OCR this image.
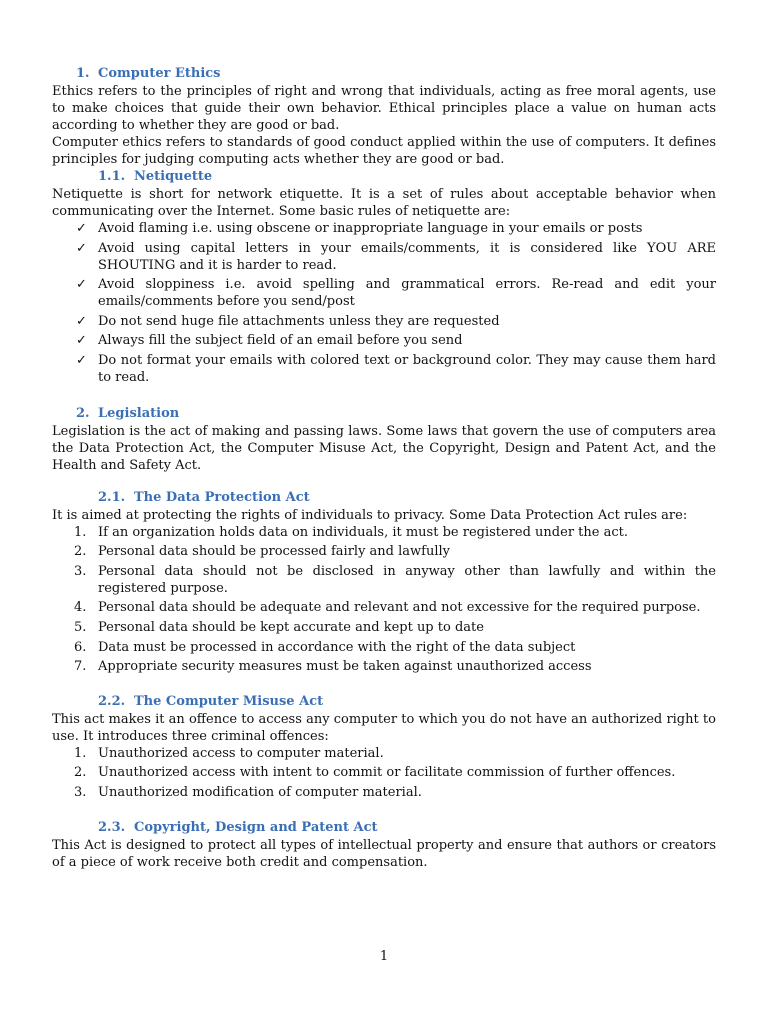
1. Computer Ethics
Ethics refers to the principles of right and wrong that individuals, acting as free moral agents, use to make choices that guide their own behavior. Ethical principles place a value on human acts according to whether they are good or bad.
Computer ethics refers to standards of good conduct applied within the use of computers. It defines principles for judging computing acts whether they are good or bad.
1.1. Netiquette
Netiquette is short for network etiquette. It is a set of rules about acceptable behavior when communicating over the Internet. Some basic rules of netiquette are:
✓ Avoid flaming i.e. using obscene or inappropriate language in your emails or posts
✓ Avoid using capital letters in your emails/comments, it is considered like YOU ARE SHOUTING and it is harder to read.
✓ Avoid sloppiness i.e. avoid spelling and grammatical errors. Re-read and edit your emails/comments before you send/post
✓ Do not send huge file attachments unless they are requested
✓ Always fill the subject field of an email before you send
✓ Do not format your emails with colored text or background color. They may cause them hard to read.
2. Legislation
Legislation is the act of making and passing laws. Some laws that govern the use of computers area the Data Protection Act, the Computer Misuse Act, the Copyright, Design and Patent Act, and the Health and Safety Act.
2.1. The Data Protection Act
It is aimed at protecting the rights of individuals to privacy. Some Data Protection Act rules are:
1. If an organization holds data on individuals, it must be registered under the act.
2. Personal data should be processed fairly and lawfully
3. Personal data should not be disclosed in anyway other than lawfully and within the registered purpose.
4. Personal data should be adequate and relevant and not excessive for the required purpose.
5. Personal data should be kept accurate and kept up to date
6. Data must be processed in accordance with the right of the data subject
7. Appropriate security measures must be taken against unauthorized access
2.2. The Computer Misuse Act
This act makes it an offence to access any computer to which you do not have an authorized right to use. It introduces three criminal offences:
1. Unauthorized access to computer material.
2. Unauthorized access with intent to commit or facilitate commission of further offences.
3. Unauthorized modification of computer material.
2.3. Copyright, Design and Patent Act
This Act is designed to protect all types of intellectual property and ensure that authors or creators of a piece of work receive both credit and compensation.
1
